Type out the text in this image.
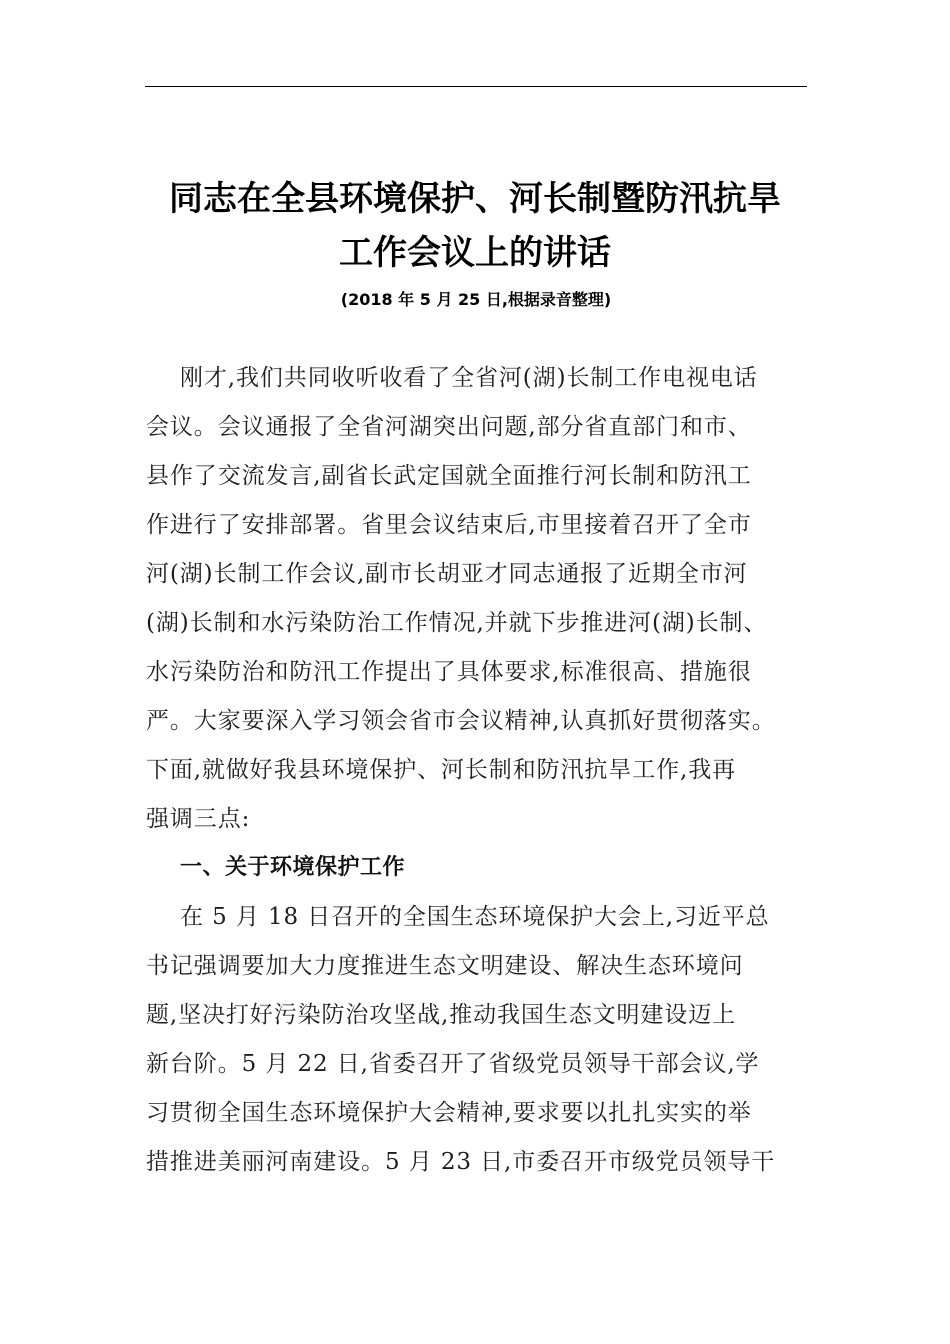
同志在全县环境保护、河长制暨防汛抗旱
工作会议上的讲话
(2018 年 5 月 25 日,根据录音整理)
刚才,我们共同收听收看了全省河(湖)长制工作电视电话
会议。会议通报了全省河湖突出问题,部分省直部门和市、
县作了交流发言,副省长武定国就全面推行河长制和防汛工
作进行了安排部署。省里会议结束后,市里接着召开了全市
河(湖)长制工作会议,副市长胡亚才同志通报了近期全市河
(湖)长制和水污染防治工作情况,并就下步推进河(湖)长制、
水污染防治和防汛工作提出了具体要求,标准很高、措施很
严。大家要深入学习领会省市会议精神,认真抓好贯彻落实。
下面,就做好我县环境保护、河长制和防汛抗旱工作,我再
强调三点:
一、关于环境保护工作
在 5 月 18 日召开的全国生态环境保护大会上,习近平总
书记强调要加大力度推进生态文明建设、解决生态环境问
题,坚决打好污染防治攻坚战,推动我国生态文明建设迈上
新台阶。5 月 22 日,省委召开了省级党员领导干部会议,学
习贯彻全国生态环境保护大会精神,要求要以扎扎实实的举
措推进美丽河南建设。5 月 23 日,市委召开市级党员领导干
